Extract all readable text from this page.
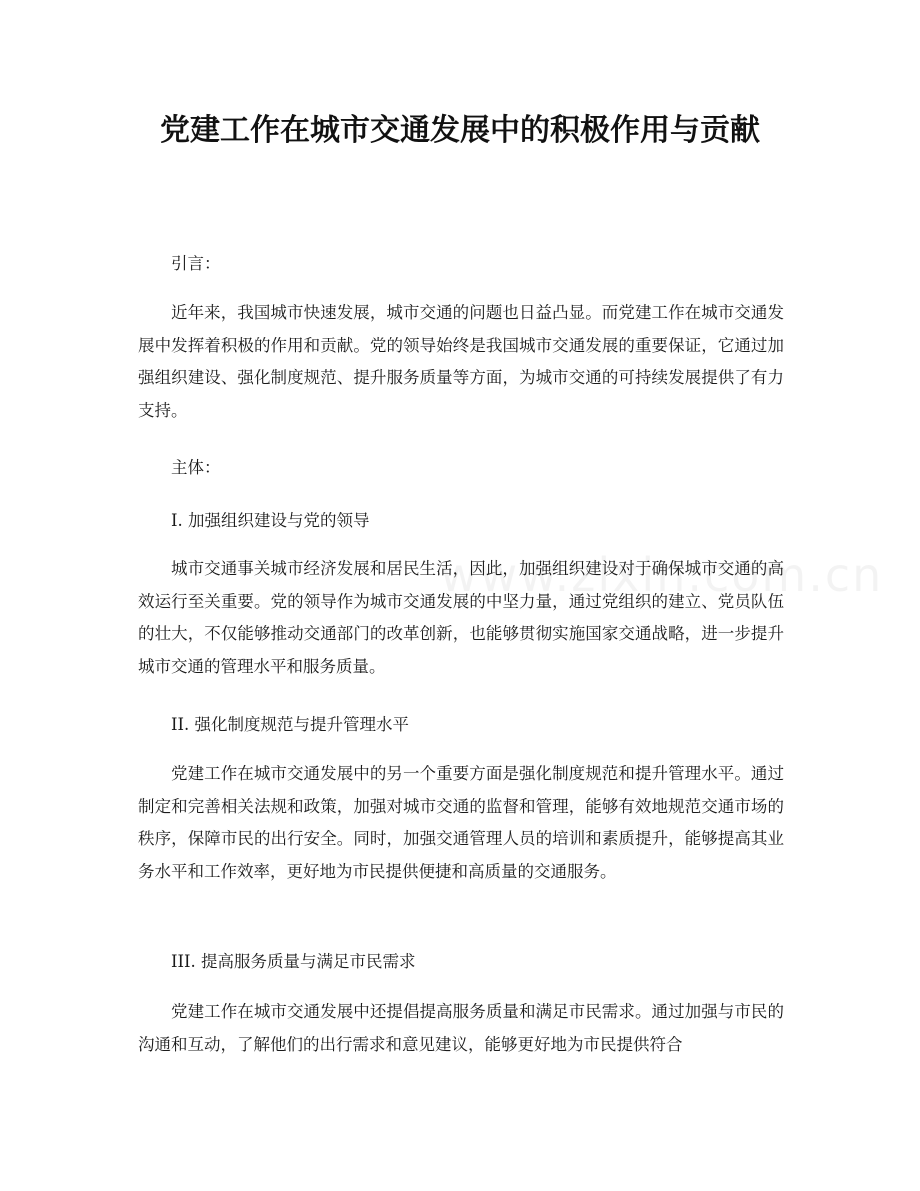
党建工作在城市交通发展中的积极作用与贡献

引言：

近年来，我国城市快速发展，城市交通的问题也日益凸显。而党建工作在城市交通发展中发挥着积极的作用和贡献。党的领导始终是我国城市交通发展的重要保证，它通过加强组织建设、强化制度规范、提升服务质量等方面，为城市交通的可持续发展提供了有力支持。

主体：

I. 加强组织建设与党的领导

城市交通事关城市经济发展和居民生活，因此，加强组织建设对于确保城市交通的高效运行至关重要。党的领导作为城市交通发展的中坚力量，通过党组织的建立、党员队伍的壮大，不仅能够推动交通部门的改革创新，也能够贯彻实施国家交通战略，进一步提升城市交通的管理水平和服务质量。

II. 强化制度规范与提升管理水平

党建工作在城市交通发展中的另一个重要方面是强化制度规范和提升管理水平。通过制定和完善相关法规和政策，加强对城市交通的监督和管理，能够有效地规范交通市场的秩序，保障市民的出行安全。同时，加强交通管理人员的培训和素质提升，能够提高其业务水平和工作效率，更好地为市民提供便捷和高质量的交通服务。

III. 提高服务质量与满足市民需求

党建工作在城市交通发展中还提倡提高服务质量和满足市民需求。通过加强与市民的沟通和互动，了解他们的出行需求和意见建议，能够更好地为市民提供符合
